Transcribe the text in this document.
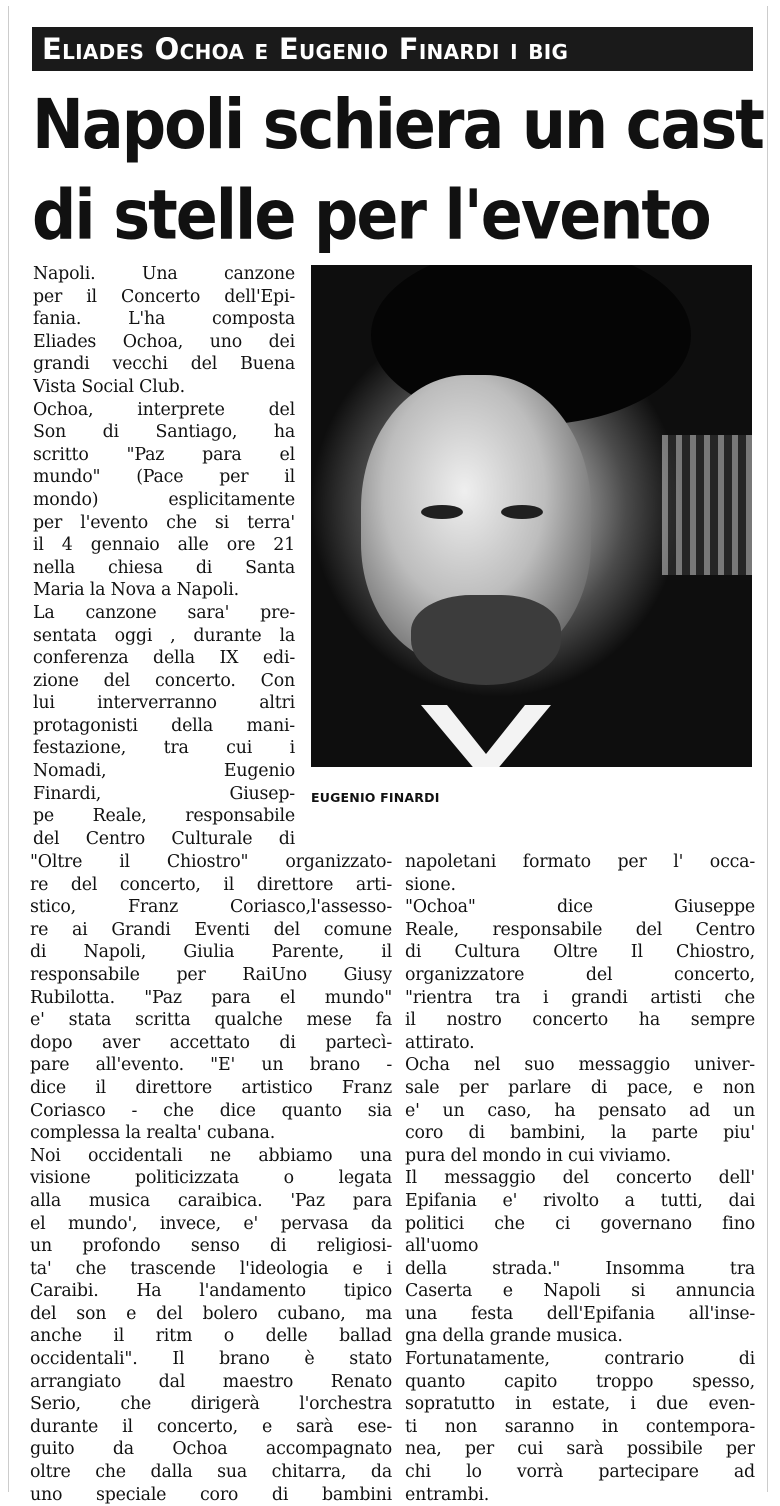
Eliades Ochoa e Eugenio Finardi i big
Napoli schiera un cast
di stelle per l'evento
Napoli. Una canzone
per il Concerto dell'Epi-
fania. L'ha composta
Eliades Ochoa, uno dei
grandi vecchi del Buena
Vista Social Club.
Ochoa, interprete del
Son di Santiago, ha
scritto "Paz para el
mundo" (Pace per il
mondo) esplicitamente
per l'evento che si terra'
il 4 gennaio alle ore 21
nella chiesa di Santa
Maria la Nova a Napoli.
La canzone sara' pre-
sentata oggi , durante la
conferenza della IX edi-
zione del concerto. Con
lui interverranno altri
protagonisti della mani-
festazione, tra cui i
Nomadi, Eugenio
Finardi, Giusep-
pe Reale, responsabile
del Centro Culturale di
EUGENIO FINARDI
"Oltre il Chiostro" organizzato-
re del concerto, il direttore arti-
stico, Franz Coriasco,l'assesso-
re ai Grandi Eventi del comune
di Napoli, Giulia Parente, il
responsabile per RaiUno Giusy
Rubilotta. "Paz para el mundo"
e' stata scritta qualche mese fa
dopo aver accettato di partecì-
pare all'evento. "E' un brano -
dice il direttore artistico Franz
Coriasco - che dice quanto sia
complessa la realta' cubana.
Noi occidentali ne abbiamo una
visione politicizzata o legata
alla musica caraibica. 'Paz para
el mundo', invece, e' pervasa da
un profondo senso di religiosi-
ta' che trascende l'ideologia e i
Caraibi. Ha l'andamento tipico
del son e del bolero cubano, ma
anche il ritm o delle ballad
occidentali". Il brano è stato
arrangiato dal maestro Renato
Serio, che dirigerà l'orchestra
durante il concerto, e sarà ese-
guito da Ochoa accompagnato
oltre che dalla sua chitarra, da
uno speciale coro di bambini
napoletani formato per l' occa-
sione.
"Ochoa" dice Giuseppe
Reale, responsabile del Centro
di Cultura Oltre Il Chiostro,
organizzatore del concerto,
"rientra tra i grandi artisti che
il nostro concerto ha sempre
attirato.
Ocha nel suo messaggio univer-
sale per parlare di pace, e non
e' un caso, ha pensato ad un
coro di bambini, la parte piu'
pura del mondo in cui viviamo.
Il messaggio del concerto dell'
Epifania e' rivolto a tutti, dai
politici che ci governano fino
all'uomo
della strada." Insomma tra
Caserta e Napoli si annuncia
una festa dell'Epifania all'inse-
gna della grande musica.
Fortunatamente, contrario di
quanto capito troppo spesso,
sopratutto in estate, i due even-
ti non saranno in contempora-
nea, per cui sarà possibile per
chi lo vorrà partecipare ad
entrambi.
